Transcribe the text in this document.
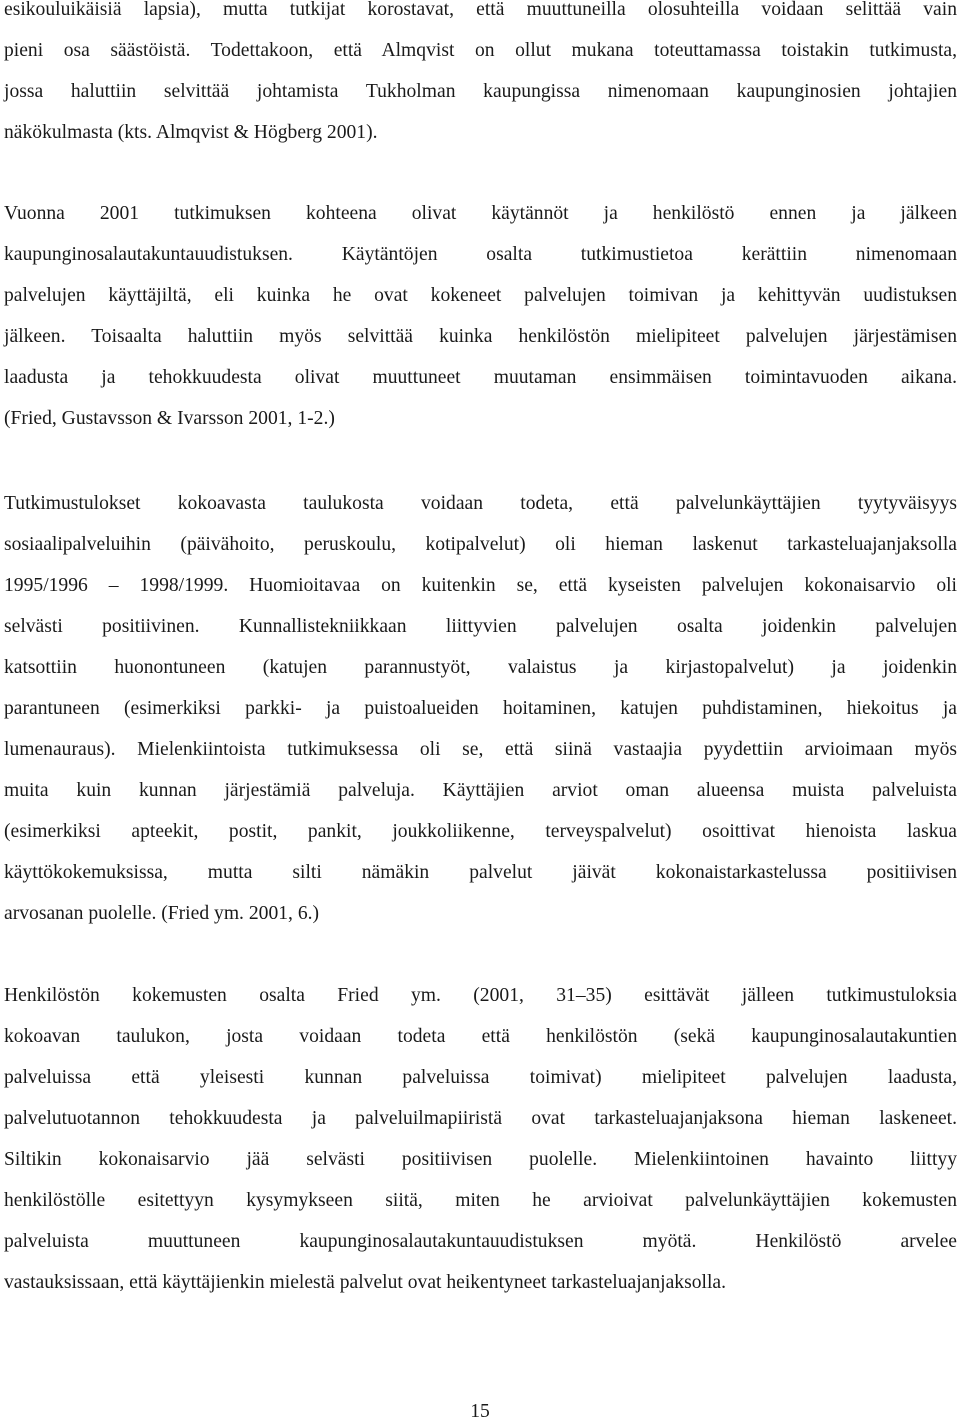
esikouluikäisiä lapsia), mutta tutkijat korostavat, että muuttuneilla olosuhteilla voidaan selittää vain
pieni osa säästöistä. Todettakoon, että Almqvist on ollut mukana toteuttamassa toistakin tutkimusta,
jossa haluttiin selvittää johtamista Tukholman kaupungissa nimenomaan kaupunginosien johtajien
näkökulmasta (kts. Almqvist & Högberg 2001).

Vuonna 2001 tutkimuksen kohteena olivat käytännöt ja henkilöstö ennen ja jälkeen
kaupunginosalautakuntauudistuksen. Käytäntöjen osalta tutkimustietoa kerättiin nimenomaan
palvelujen käyttäjiltä, eli kuinka he ovat kokeneet palvelujen toimivan ja kehittyvän uudistuksen
jälkeen. Toisaalta haluttiin myös selvittää kuinka henkilöstön mielipiteet palvelujen järjestämisen
laadusta ja tehokkuudesta olivat muuttuneet muutaman ensimmäisen toimintavuoden aikana.
(Fried, Gustavsson & Ivarsson 2001, 1-2.)

Tutkimustulokset kokoavasta taulukosta voidaan todeta, että palvelunkäyttäjien tyytyväisyys
sosiaalipalveluihin (päivähoito, peruskoulu, kotipalvelut) oli hieman laskenut tarkasteluajanjaksolla
1995/1996 – 1998/1999. Huomioitavaa on kuitenkin se, että kyseisten palvelujen kokonaisarvio oli
selvästi positiivinen. Kunnallistekniikkaan liittyvien palvelujen osalta joidenkin palvelujen
katsottiin huonontuneen (katujen parannustyöt, valaistus ja kirjastopalvelut) ja joidenkin
parantuneen (esimerkiksi parkki- ja puistoalueiden hoitaminen, katujen puhdistaminen, hiekoitus ja
lumenauraus). Mielenkiintoista tutkimuksessa oli se, että siinä vastaajia pyydettiin arvioimaan myös
muita kuin kunnan järjestämiä palveluja. Käyttäjien arviot oman alueensa muista palveluista
(esimerkiksi apteekit, postit, pankit, joukkoliikenne, terveyspalvelut) osoittivat hienoista laskua
käyttökokemuksissa, mutta silti nämäkin palvelut jäivät kokonaistarkastelussa positiivisen
arvosanan puolelle. (Fried ym. 2001, 6.)

Henkilöstön kokemusten osalta Fried ym. (2001, 31–35) esittävät jälleen tutkimustuloksia
kokoavan taulukon, josta voidaan todeta että henkilöstön (sekä kaupunginosalautakuntien
palveluissa että yleisesti kunnan palveluissa toimivat) mielipiteet palvelujen laadusta,
palvelutuotannon tehokkuudesta ja palveluilmapiiristä ovat tarkasteluajanjaksona hieman laskeneet.
Siltikin kokonaisarvio jää selvästi positiivisen puolelle. Mielenkiintoinen havainto liittyy
henkilöstölle esitettyyn kysymykseen siitä, miten he arvioivat palvelunkäyttäjien kokemusten
palveluista muuttuneen kaupunginosalautakuntauudistuksen myötä. Henkilöstö arvelee
vastauksissaan, että käyttäjienkin mielestä palvelut ovat heikentyneet tarkasteluajanjaksolla.

15
